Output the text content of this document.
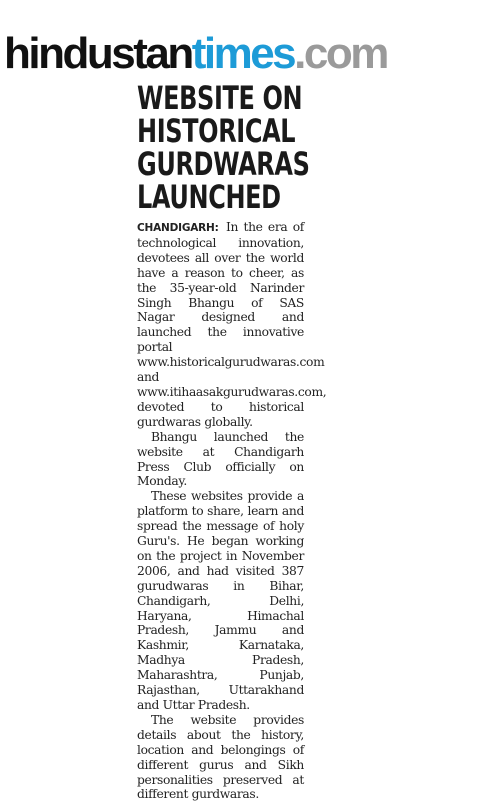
hindustantimes.com
WEBSITE ON
HISTORICAL
GURDWARAS
LAUNCHED

CHANDIGARH: In the era of technological innovation, devotees all over the world have a reason to cheer, as the 35-year-old Narinder Singh Bhangu of SAS Nagar designed and launched the innovative portal www.historicalgurudwaras.com and www.itihaasakgurudwaras.com, devoted to historical gurdwaras globally.

Bhangu launched the website at Chandigarh Press Club officially on Monday.

These websites provide a platform to share, learn and spread the message of holy Guru's. He began working on the project in November 2006, and had visited 387 gurudwaras in Bihar, Chandigarh, Delhi, Haryana, Himachal Pradesh, Jammu and Kashmir, Karnataka, Madhya Pradesh, Maharashtra, Punjab, Rajasthan, Uttarakhand and Uttar Pradesh.

The website provides details about the history, location and belongings of different gurus and Sikh personalities preserved at different gurdwaras.
